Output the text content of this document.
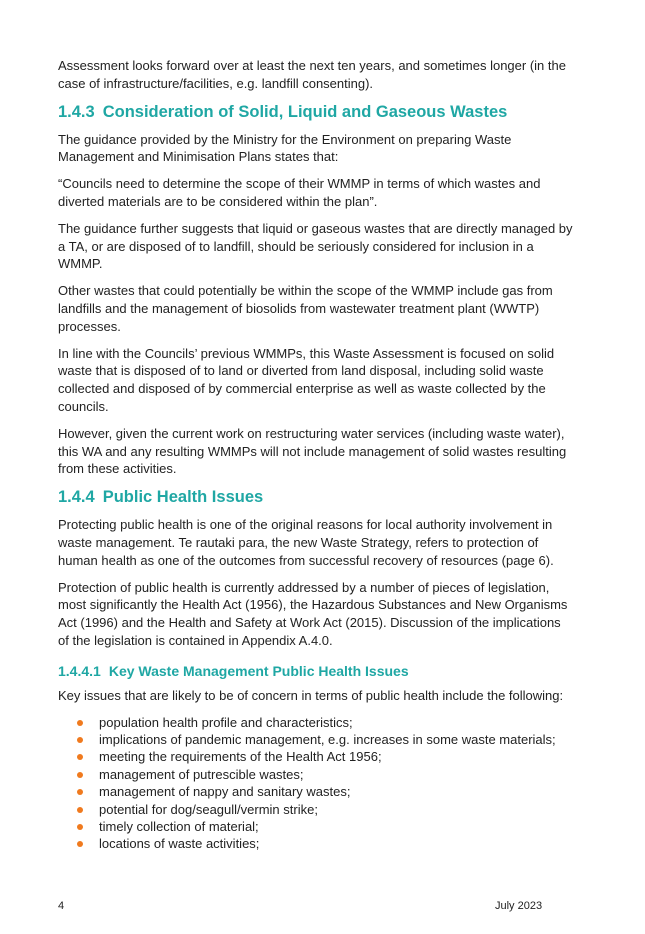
Assessment looks forward over at least the next ten years, and sometimes longer (in the case of infrastructure/facilities, e.g. landfill consenting).

1.4.3 Consideration of Solid, Liquid and Gaseous Wastes

The guidance provided by the Ministry for the Environment on preparing Waste Management and Minimisation Plans states that:

“Councils need to determine the scope of their WMMP in terms of which wastes and diverted materials are to be considered within the plan”.

The guidance further suggests that liquid or gaseous wastes that are directly managed by a TA, or are disposed of to landfill, should be seriously considered for inclusion in a WMMP.

Other wastes that could potentially be within the scope of the WMMP include gas from landfills and the management of biosolids from wastewater treatment plant (WWTP) processes.

In line with the Councils’ previous WMMPs, this Waste Assessment is focused on solid waste that is disposed of to land or diverted from land disposal, including solid waste collected and disposed of by commercial enterprise as well as waste collected by the councils.

However, given the current work on restructuring water services (including waste water), this WA and any resulting WMMPs will not include management of solid wastes resulting from these activities.

1.4.4 Public Health Issues

Protecting public health is one of the original reasons for local authority involvement in waste management. Te rautaki para, the new Waste Strategy, refers to protection of human health as one of the outcomes from successful recovery of resources (page 6).

Protection of public health is currently addressed by a number of pieces of legislation, most significantly the Health Act (1956), the Hazardous Substances and New Organisms Act (1996) and the Health and Safety at Work Act (2015). Discussion of the implications of the legislation is contained in Appendix A.4.0.

1.4.4.1 Key Waste Management Public Health Issues

Key issues that are likely to be of concern in terms of public health include the following:

population health profile and characteristics;
implications of pandemic management, e.g. increases in some waste materials;
meeting the requirements of the Health Act 1956;
management of putrescible wastes;
management of nappy and sanitary wastes;
potential for dog/seagull/vermin strike;
timely collection of material;
locations of waste activities;
4	July 2023
